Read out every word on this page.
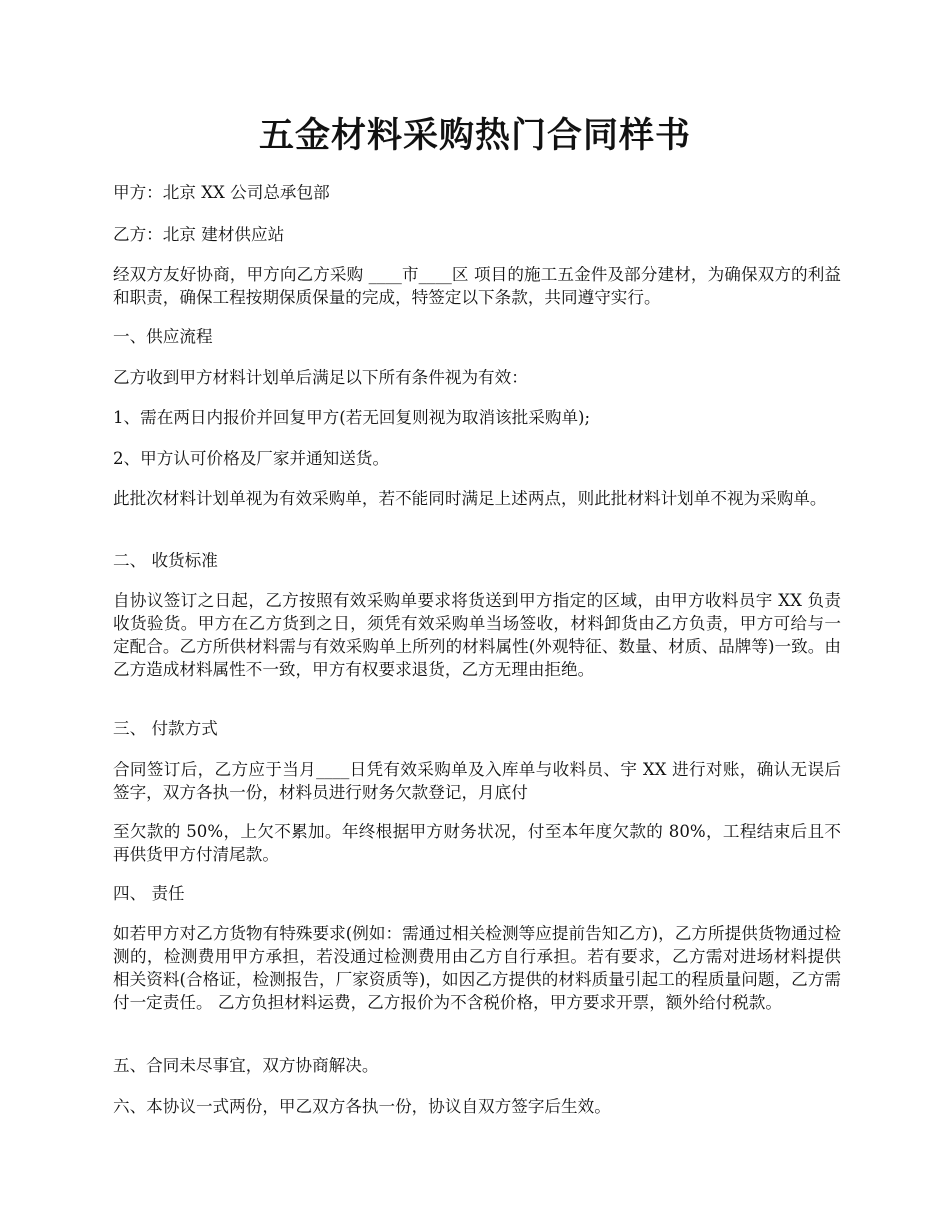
五金材料采购热门合同样书

甲方：北京 XX 公司总承包部

乙方：北京 建材供应站

经双方友好协商，甲方向乙方采购 ____市____区 项目的施工五金件及部分建材，为确保双方的利益和职责，确保工程按期保质保量的完成，特签定以下条款，共同遵守实行。

一、供应流程

乙方收到甲方材料计划单后满足以下所有条件视为有效：

1、需在两日内报价并回复甲方(若无回复则视为取消该批采购单);

2、甲方认可价格及厂家并通知送货。

此批次材料计划单视为有效采购单，若不能同时满足上述两点，则此批材料计划单不视为采购单。

二、 收货标准

自协议签订之日起，乙方按照有效采购单要求将货送到甲方指定的区域，由甲方收料员宇 XX 负责收货验货。甲方在乙方货到之日，须凭有效采购单当场签收，材料卸货由乙方负责，甲方可给与一定配合。乙方所供材料需与有效采购单上所列的材料属性(外观特征、数量、材质、品牌等)一致。由乙方造成材料属性不一致，甲方有权要求退货，乙方无理由拒绝。

三、 付款方式

合同签订后，乙方应于当月____日凭有效采购单及入库单与收料员、宇 XX 进行对账，确认无误后签字，双方各执一份，材料员进行财务欠款登记，月底付

至欠款的 50%，上欠不累加。年终根据甲方财务状况，付至本年度欠款的 80%，工程结束后且不再供货甲方付清尾款。

四、 责任

如若甲方对乙方货物有特殊要求(例如：需通过相关检测等应提前告知乙方)，乙方所提供货物通过检测的，检测费用甲方承担，若没通过检测费用由乙方自行承担。若有要求，乙方需对进场材料提供相关资料(合格证，检测报告，厂家资质等)，如因乙方提供的材料质量引起工的程质量问题，乙方需付一定责任。 乙方负担材料运费，乙方报价为不含税价格，甲方要求开票，额外给付税款。

五、合同未尽事宜，双方协商解决。

六、本协议一式两份，甲乙双方各执一份，协议自双方签字后生效。
